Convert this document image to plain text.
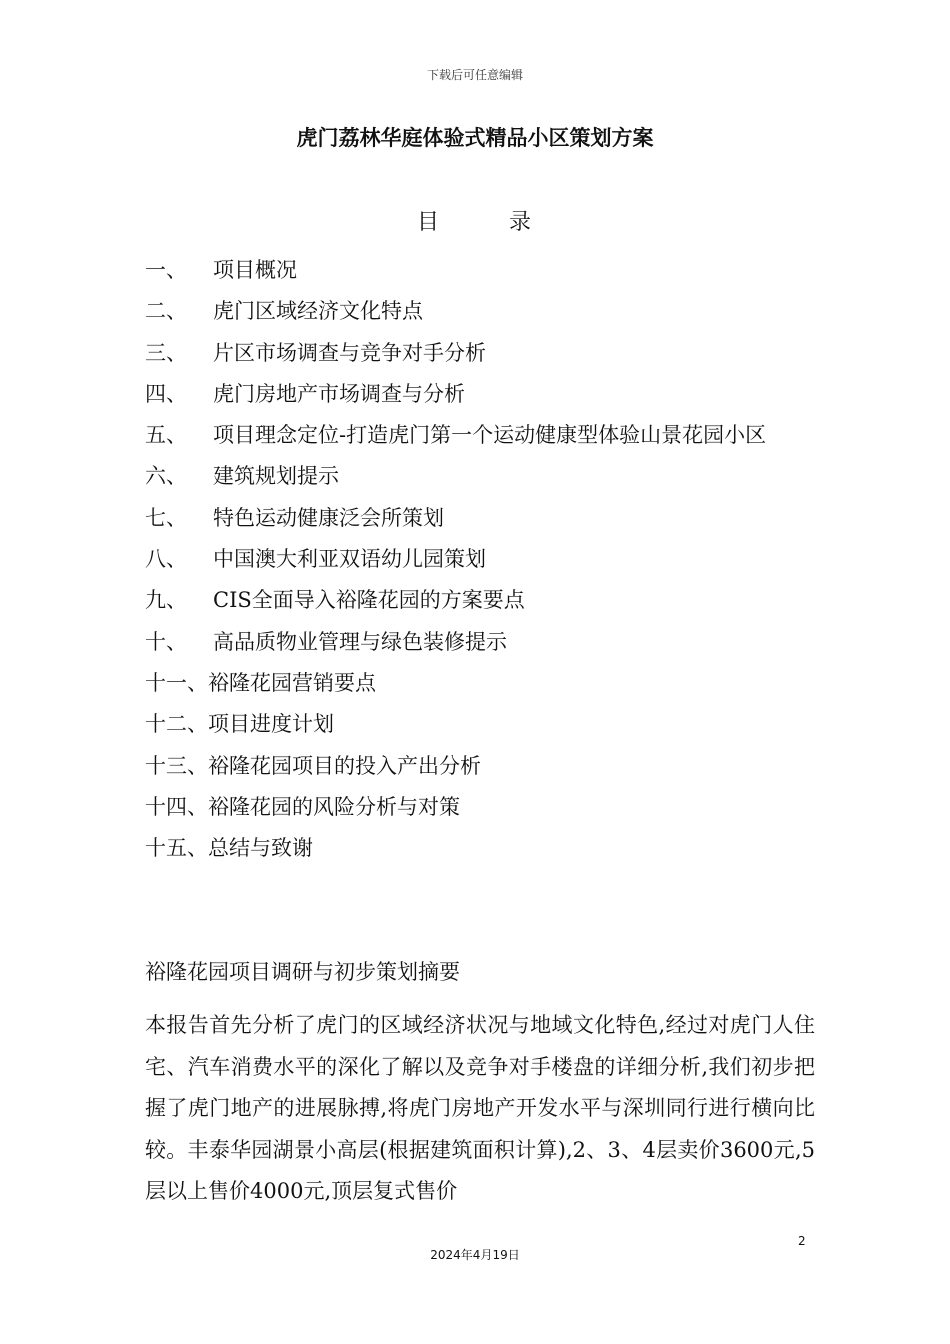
下载后可任意编辑
虎门荔林华庭体验式精品小区策划方案
目	录
一、 项目概况
二、 虎门区域经济文化特点
三、 片区市场调查与竞争对手分析
四、 虎门房地产市场调查与分析
五、 项目理念定位-打造虎门第一个运动健康型体验山景花园小区
六、 建筑规划提示
七、 特色运动健康泛会所策划
八、 中国澳大利亚双语幼儿园策划
九、 CIS全面导入裕隆花园的方案要点
十、 高品质物业管理与绿色装修提示
十一、裕隆花园营销要点
十二、项目进度计划
十三、裕隆花园项目的投入产出分析
十四、裕隆花园的风险分析与对策
十五、总结与致谢
裕隆花园项目调研与初步策划摘要
本报告首先分析了虎门的区域经济状况与地域文化特色,经过对虎门人住宅、汽车消费水平的深化了解以及竞争对手楼盘的详细分析,我们初步把握了虎门地产的进展脉搏,将虎门房地产开发水平与深圳同行进行横向比较。丰泰华园湖景小高层(根据建筑面积计算),2、3、4层卖价3600元,5层以上售价4000元,顶层复式售价
2
2024年4月19日
